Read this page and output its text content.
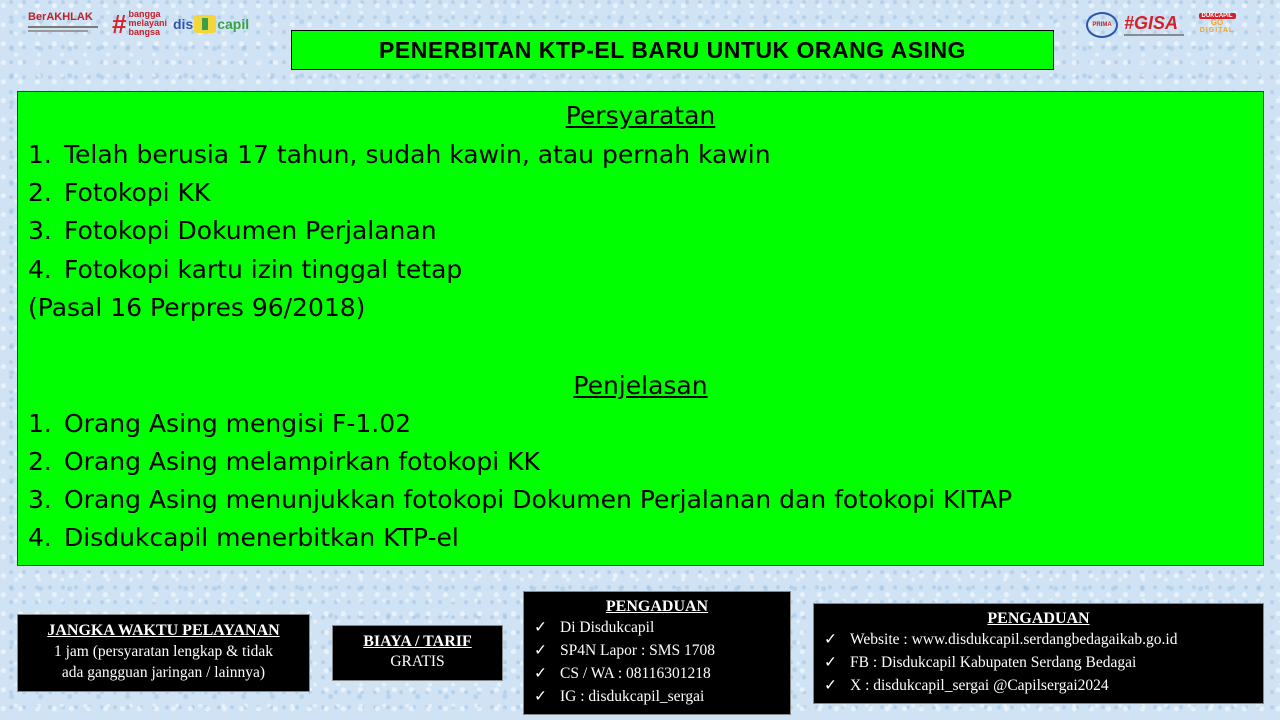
BerAKHLAK # bangga
melayani
bangsa
dis capil	PRIMA #GISA	DUKCAPIL
GO
DIGITAL
PENERBITAN KTP-EL BARU UNTUK ORANG ASING
Persyaratan
1. Telah berusia 17 tahun, sudah kawin, atau pernah kawin
2. Fotokopi KK
3. Fotokopi Dokumen Perjalanan
4. Fotokopi kartu izin tinggal tetap
(Pasal 16 Perpres 96/2018)
Penjelasan
1. Orang Asing mengisi F-1.02
2. Orang Asing melampirkan fotokopi KK
3. Orang Asing menunjukkan fotokopi Dokumen Perjalanan dan fotokopi KITAP
4. Disdukcapil menerbitkan KTP-el
JANGKA WAKTU PELAYANAN
1 jam (persyaratan lengkap & tidak
ada gangguan jaringan / lainnya)
BIAYA / TARIF
GRATIS
PENGADUAN
✓ Di Disdukcapil
✓ SP4N Lapor : SMS 1708
✓ CS / WA : 08116301218
✓ IG : disdukcapil_sergai
PENGADUAN
✓ Website : www.disdukcapil.serdangbedagaikab.go.id
✓ FB : Disdukcapil Kabupaten Serdang Bedagai
✓ X : disdukcapil_sergai @Capilsergai2024
